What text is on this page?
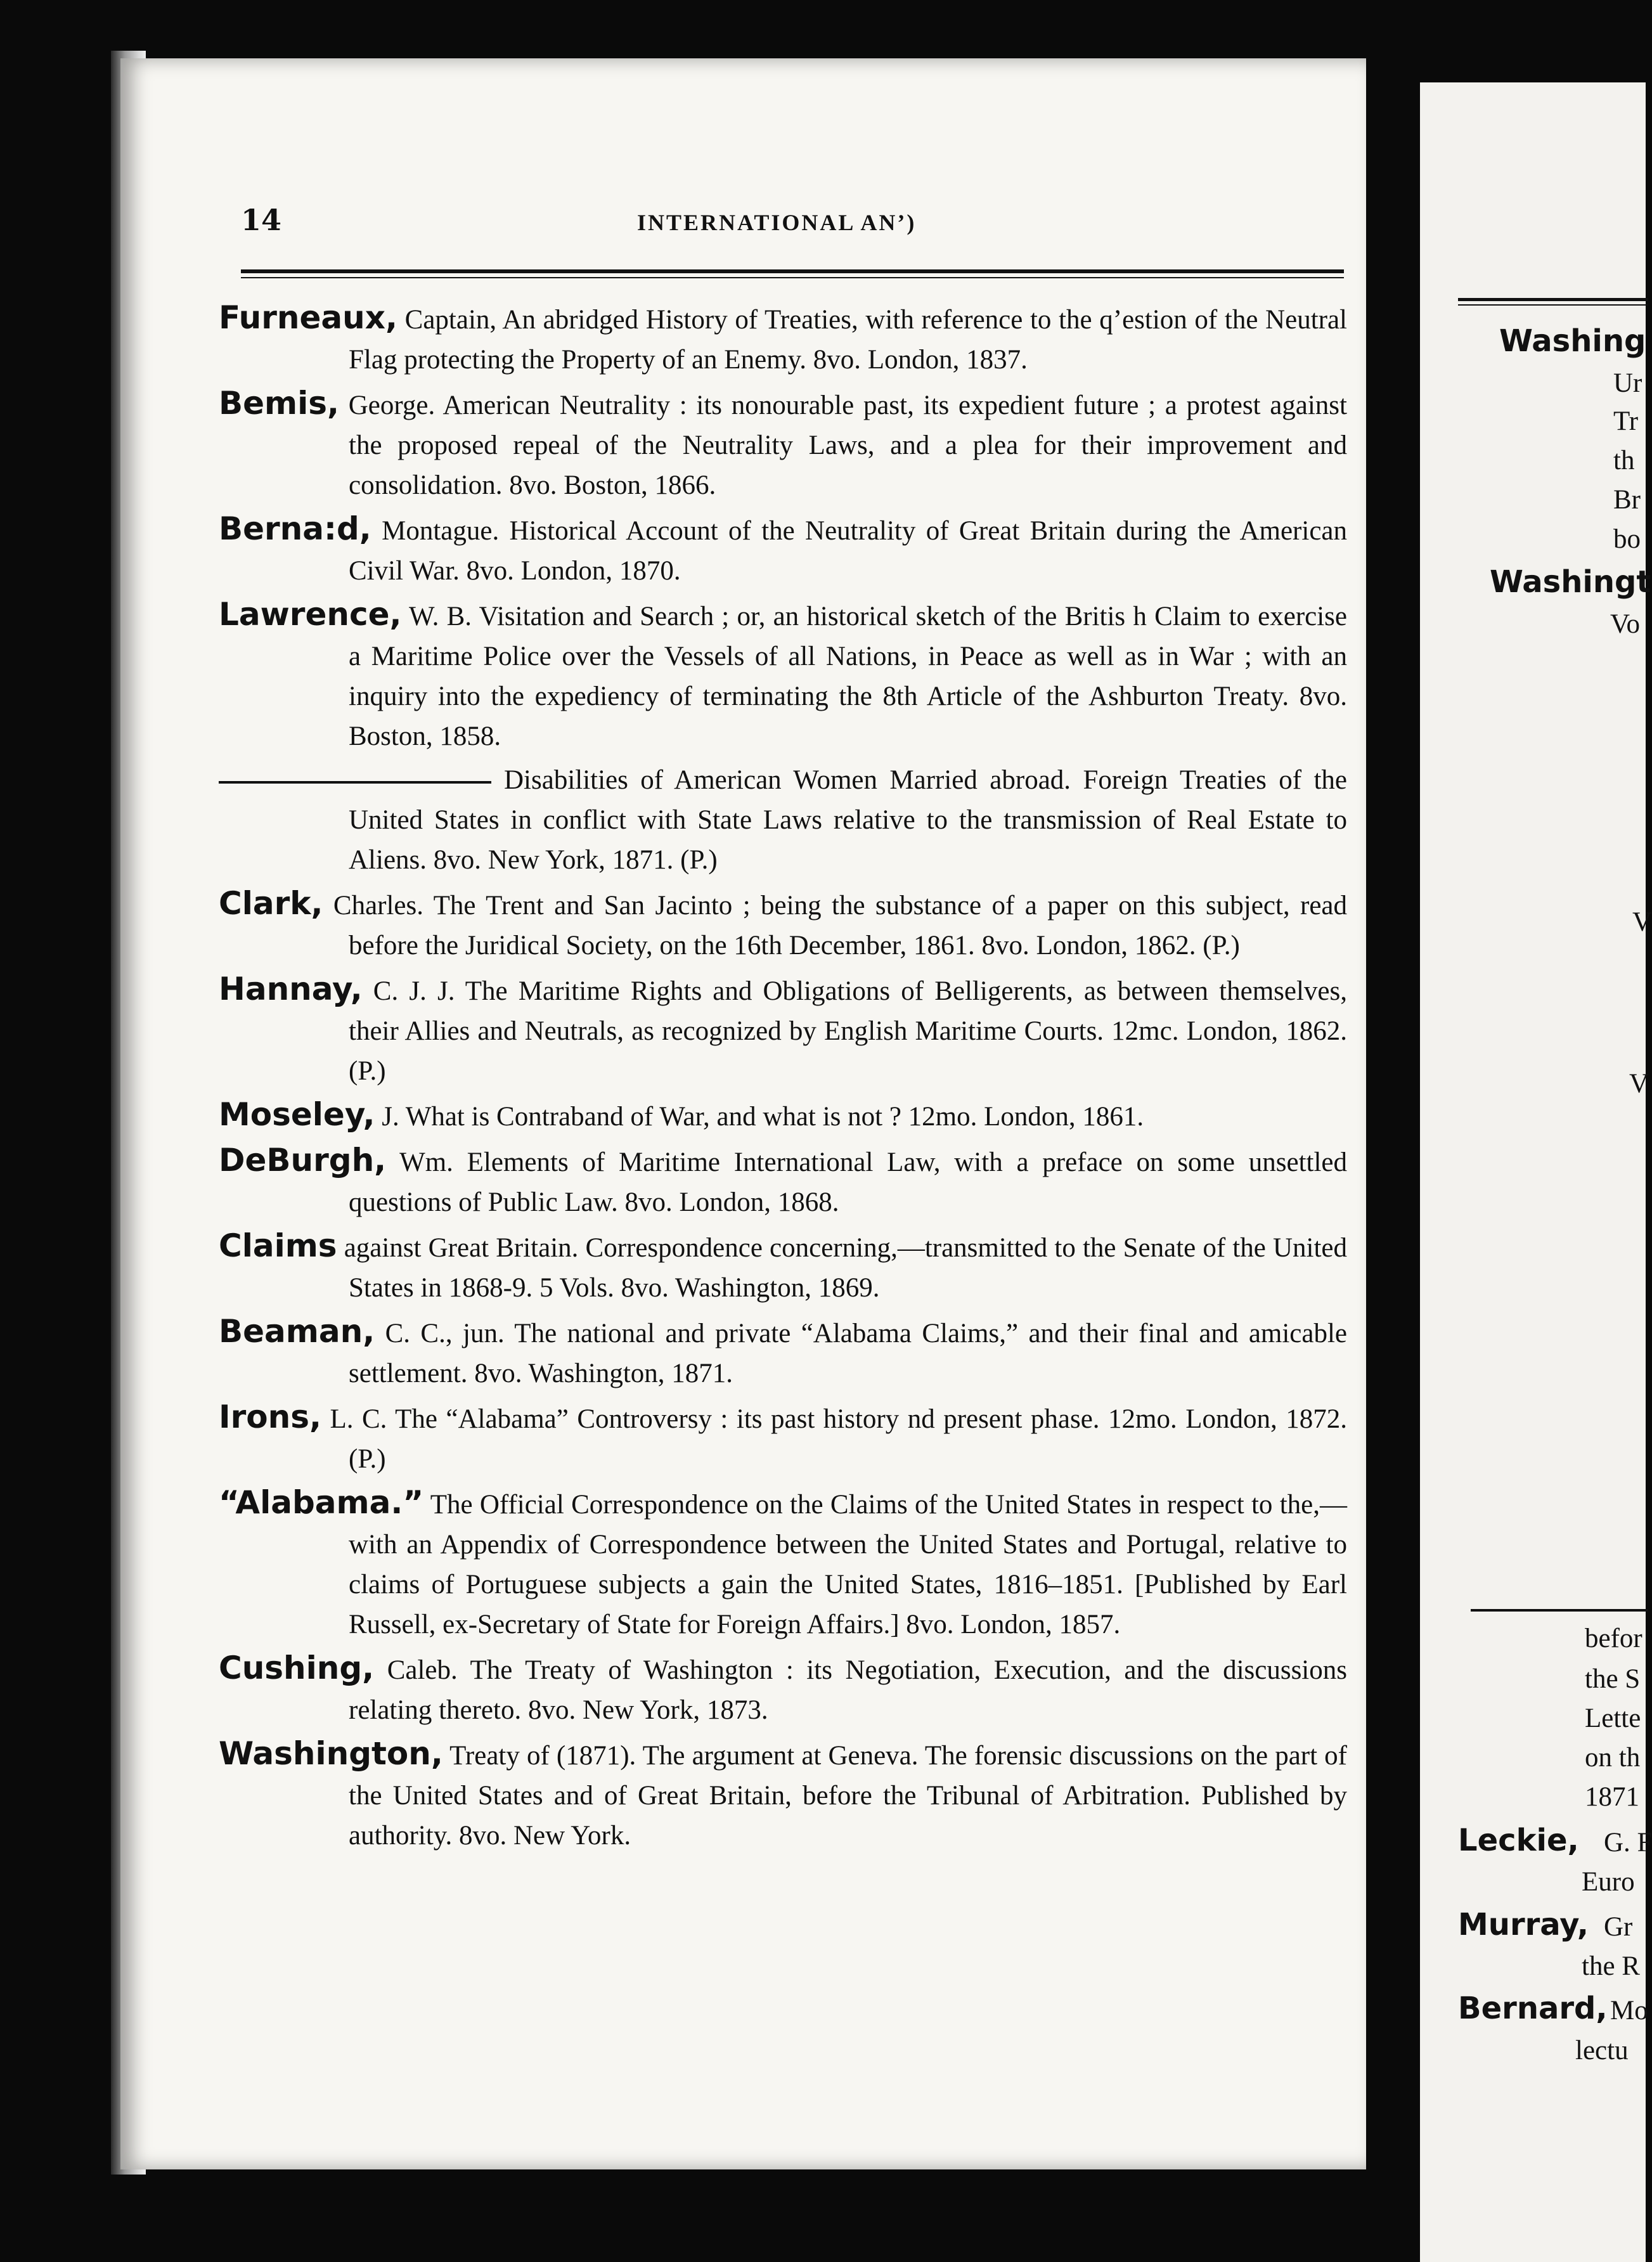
14	INTERNATIONAL AN’)

Furneaux, Captain, An abridged History of Treaties, with reference to the q’estion of the Neutral Flag protecting the Property of an Enemy. 8vo. London, 1837.

Bemis, George. American Neutrality : its nonourable past, its expedient future ; a protest against the proposed repeal of the Neutrality Laws, and a plea for their improvement and consolidation. 8vo. Boston, 1866.

Berna:d, Montague. Historical Account of the Neutrality of Great Britain during the American Civil War. 8vo. London, 1870.

Lawrence, W. B. Visitation and Search ; or, an historical sketch of the Britis h Claim to exercise a Maritime Police over the Vessels of all Nations, in Peace as well as in War ; with an inquiry into the expediency of terminating the 8th Article of the Ashburton Treaty. 8vo. Boston, 1858.

Disabilities of American Women Married abroad. Foreign Treaties of the United States in conflict with State Laws relative to the transmission of Real Estate to Aliens. 8vo. New York, 1871. (P.)

Clark, Charles. The Trent and San Jacinto ; being the substance of a paper on this subject, read before the Juridical Society, on the 16th December, 1861. 8vo. London, 1862. (P.)

Hannay, C. J. J. The Maritime Rights and Obligations of Belligerents, as between themselves, their Allies and Neutrals, as recognized by English Maritime Courts. 12mc. London, 1862. (P.)

Moseley, J. What is Contraband of War, and what is not ? 12mo. London, 1861.

DeBurgh, Wm. Elements of Maritime International Law, with a preface on some unsettled questions of Public Law. 8vo. London, 1868.

Claims against Great Britain. Correspondence concerning,—transmitted to the Senate of the United States in 1868-9. 5 Vols. 8vo. Washington, 1869.

Beaman, C. C., jun. The national and private “Alabama Claims,” and their final and amicable settlement. 8vo. Washington, 1871.

Irons, L. C. The “Alabama” Controversy : its past history nd present phase. 12mo. London, 1872. (P.)

“Alabama.” The Official Correspondence on the Claims of the United States in respect to the,—with an Appendix of Correspondence between the United States and Portugal, relative to claims of Portuguese subjects a gain the United States, 1816–1851. [Published by Earl Russell, ex-Secretary of State for Foreign Affairs.] 8vo. London, 1857.

Cushing, Caleb. The Treaty of Washington : its Negotiation, Execution, and the discussions relating thereto. 8vo. New York, 1873.

Washington, Treaty of (1871). The argument at Geneva. The forensic discussions on the part of the United States and of Great Britain, before the Tribunal of Arbitration. Published by authority. 8vo. New York.

Washing
Ur
Tr
th
Br
bo
Washingt
Vo
V
V
befor
the S
Lette
on th
1871
Leckie, G. F
Euro
Murray, Gr
the R
Bernard, Mo
lectu
